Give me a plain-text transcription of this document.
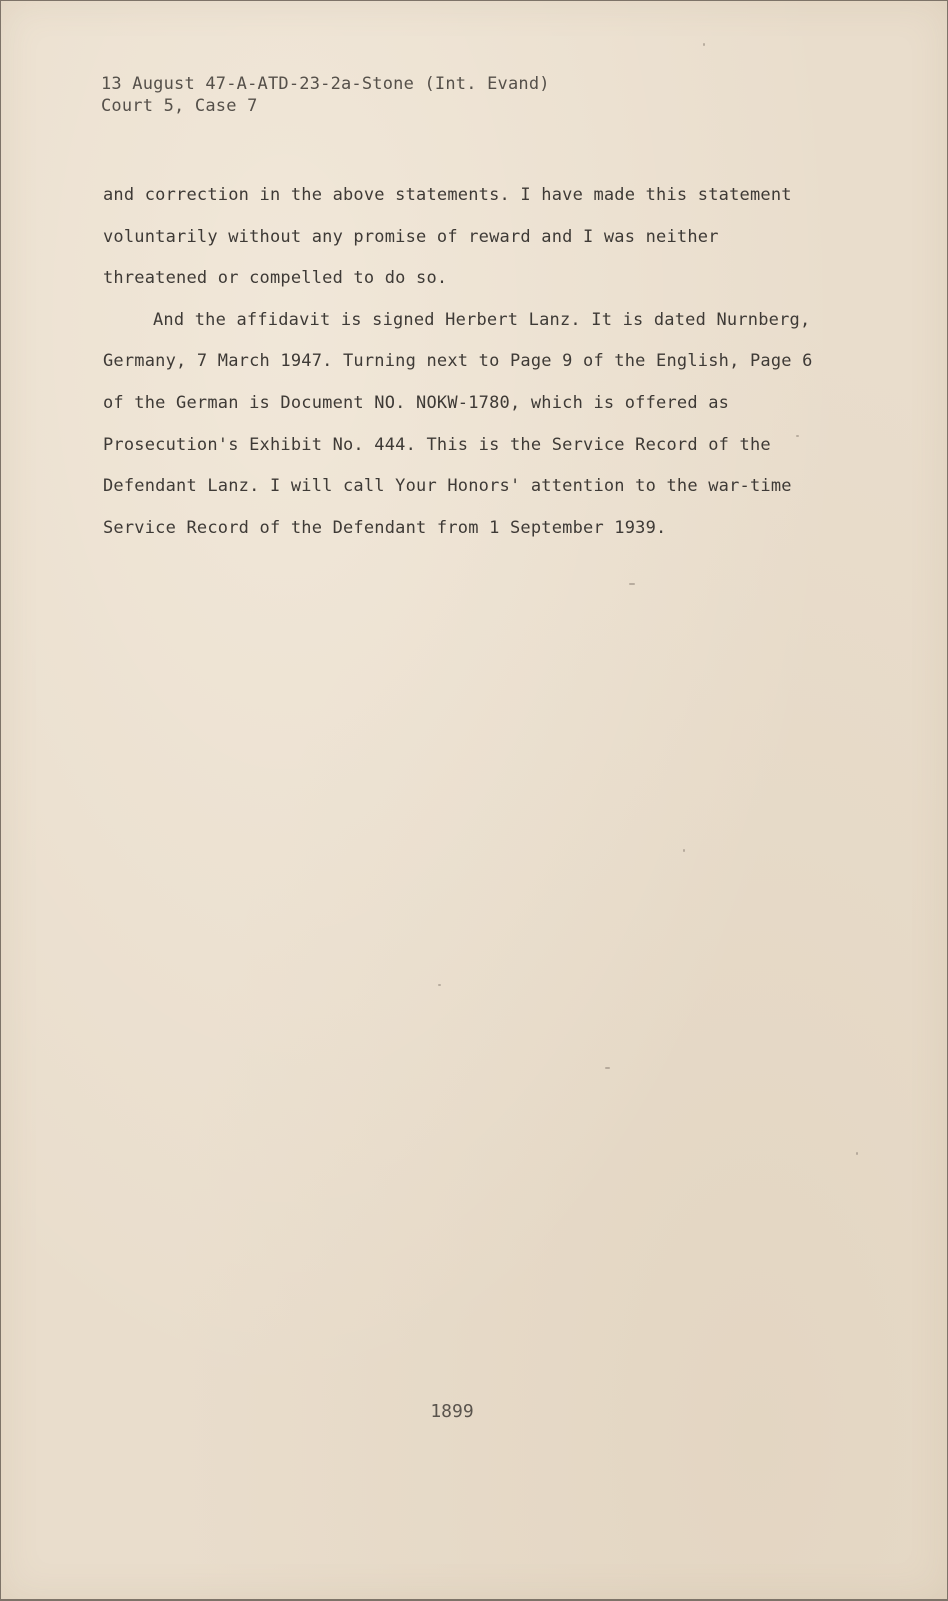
13 August 47-A-ATD-23-2a-Stone (Int. Evand)
Court 5, Case 7
and correction in the above statements. I have made this statement
voluntarily without any promise of reward and I was neither
threatened or compelled to do so.
And the affidavit is signed Herbert Lanz. It is dated Nurnberg,
Germany, 7 March 1947. Turning next to Page 9 of the English, Page 6
of the German is Document NO. NOKW-1780, which is offered as
Prosecution's Exhibit No. 444. This is the Service Record of the
Defendant Lanz. I will call Your Honors' attention to the war-time
Service Record of the Defendant from 1 September 1939.
1899
